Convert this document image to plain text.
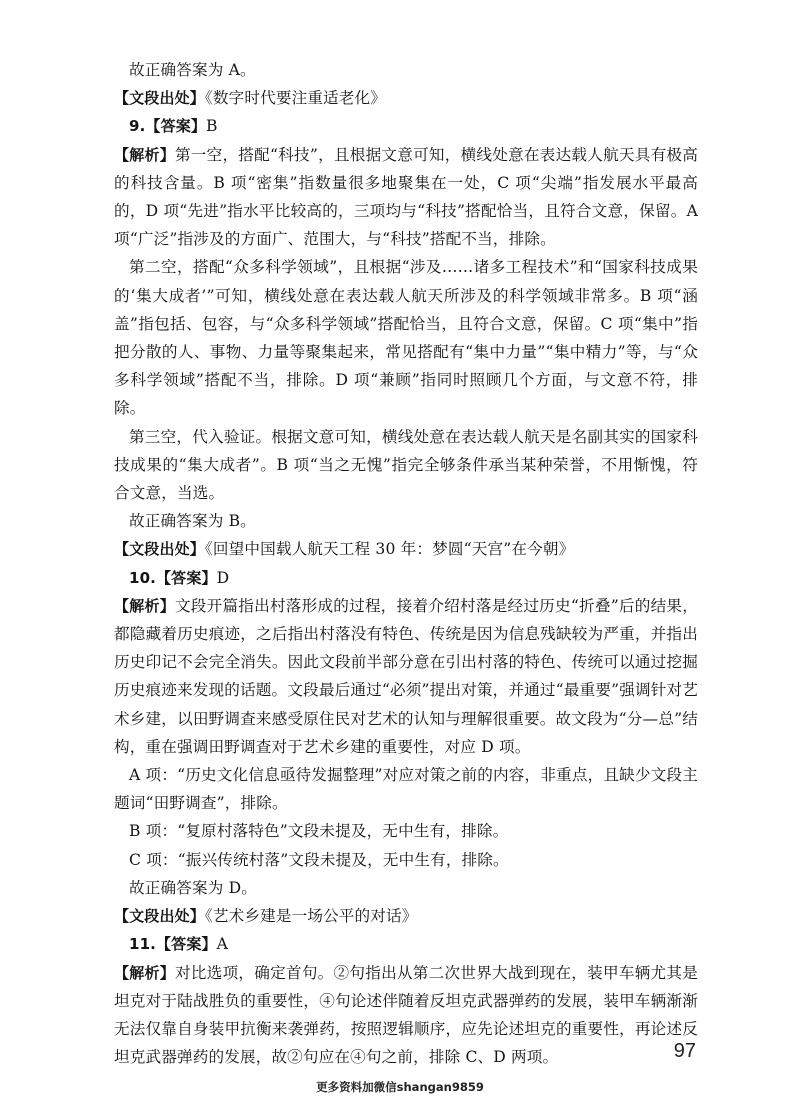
故正确答案为 A。

【文段出处】《数字时代要注重适老化》

9.【答案】B

【解析】第一空，搭配“科技”，且根据文意可知，横线处意在表达载人航天具有极高的科技含量。B 项“密集”指数量很多地聚集在一处，C 项“尖端”指发展水平最高的，D 项“先进”指水平比较高的，三项均与“科技”搭配恰当，且符合文意，保留。A 项“广泛”指涉及的方面广、范围大，与“科技”搭配不当，排除。

第二空，搭配“众多科学领域”，且根据“涉及……诸多工程技术”和“国家科技成果的‘集大成者’”可知，横线处意在表达载人航天所涉及的科学领域非常多。B 项“涵盖”指包括、包容，与“众多科学领域”搭配恰当，且符合文意，保留。C 项“集中”指把分散的人、事物、力量等聚集起来，常见搭配有“集中力量”“集中精力”等，与“众多科学领域”搭配不当，排除。D 项“兼顾”指同时照顾几个方面，与文意不符，排除。

第三空，代入验证。根据文意可知，横线处意在表达载人航天是名副其实的国家科技成果的“集大成者”。B 项“当之无愧”指完全够条件承当某种荣誉，不用惭愧，符合文意，当选。

故正确答案为 B。

【文段出处】《回望中国载人航天工程 30 年：梦圆“天宫”在今朝》

10.【答案】D

【解析】文段开篇指出村落形成的过程，接着介绍村落是经过历史“折叠”后的结果，都隐藏着历史痕迹，之后指出村落没有特色、传统是因为信息残缺较为严重，并指出历史印记不会完全消失。因此文段前半部分意在引出村落的特色、传统可以通过挖掘历史痕迹来发现的话题。文段最后通过“必须”提出对策，并通过“最重要”强调针对艺术乡建，以田野调查来感受原住民对艺术的认知与理解很重要。故文段为“分—总”结构，重在强调田野调查对于艺术乡建的重要性，对应 D 项。

A 项：“历史文化信息亟待发掘整理”对应对策之前的内容，非重点，且缺少文段主题词“田野调查”，排除。

B 项：“复原村落特色”文段未提及，无中生有，排除。

C 项：“振兴传统村落”文段未提及，无中生有，排除。

故正确答案为 D。

【文段出处】《艺术乡建是一场公平的对话》

11.【答案】A

【解析】对比选项，确定首句。②句指出从第二次世界大战到现在，装甲车辆尤其是坦克对于陆战胜负的重要性，④句论述伴随着反坦克武器弹药的发展，装甲车辆渐渐无法仅靠自身装甲抗衡来袭弹药，按照逻辑顺序，应先论述坦克的重要性，再论述反坦克武器弹药的发展，故②句应在④句之前，排除 C、D 两项。	97
更多资料加微信shangan9859
